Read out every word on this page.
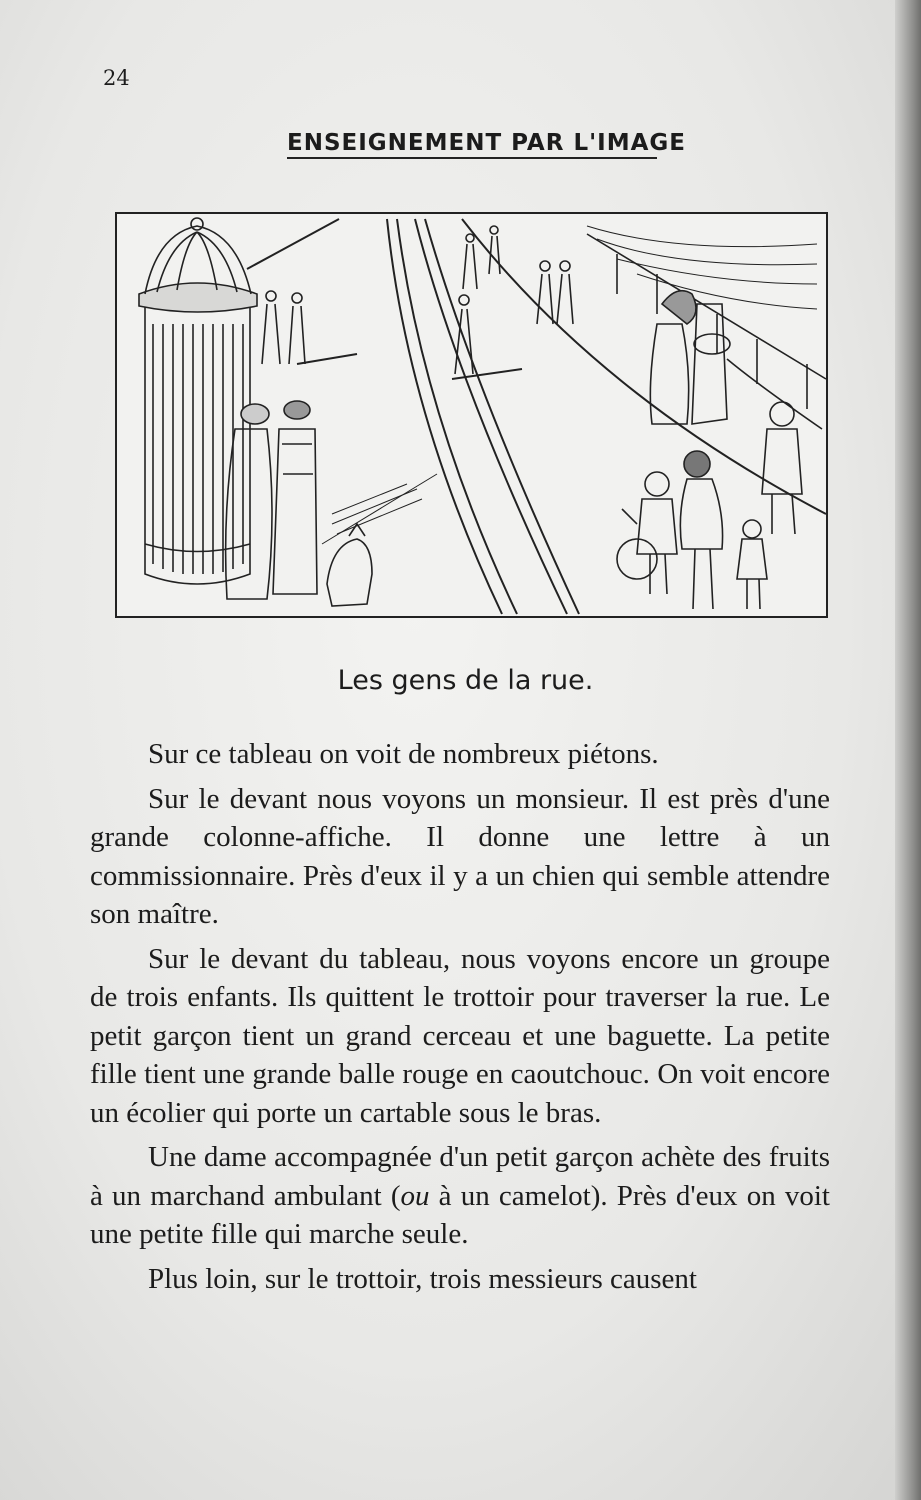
24
ENSEIGNEMENT PAR L'IMAGE
Les gens de la rue.

Sur ce tableau on voit de nombreux piétons.

Sur le devant nous voyons un monsieur. Il est près d'une grande colonne-affiche. Il donne une lettre à un commissionnaire. Près d'eux il y a un chien qui semble attendre son maître.

Sur le devant du tableau, nous voyons encore un groupe de trois enfants. Ils quittent le trottoir pour traverser la rue. Le petit garçon tient un grand cerceau et une baguette. La petite fille tient une grande balle rouge en caoutchouc. On voit encore un écolier qui porte un cartable sous le bras.

Une dame accompagnée d'un petit garçon achète des fruits à un marchand ambulant (ou à un camelot). Près d'eux on voit une petite fille qui marche seule.

Plus loin, sur le trottoir, trois messieurs causent
